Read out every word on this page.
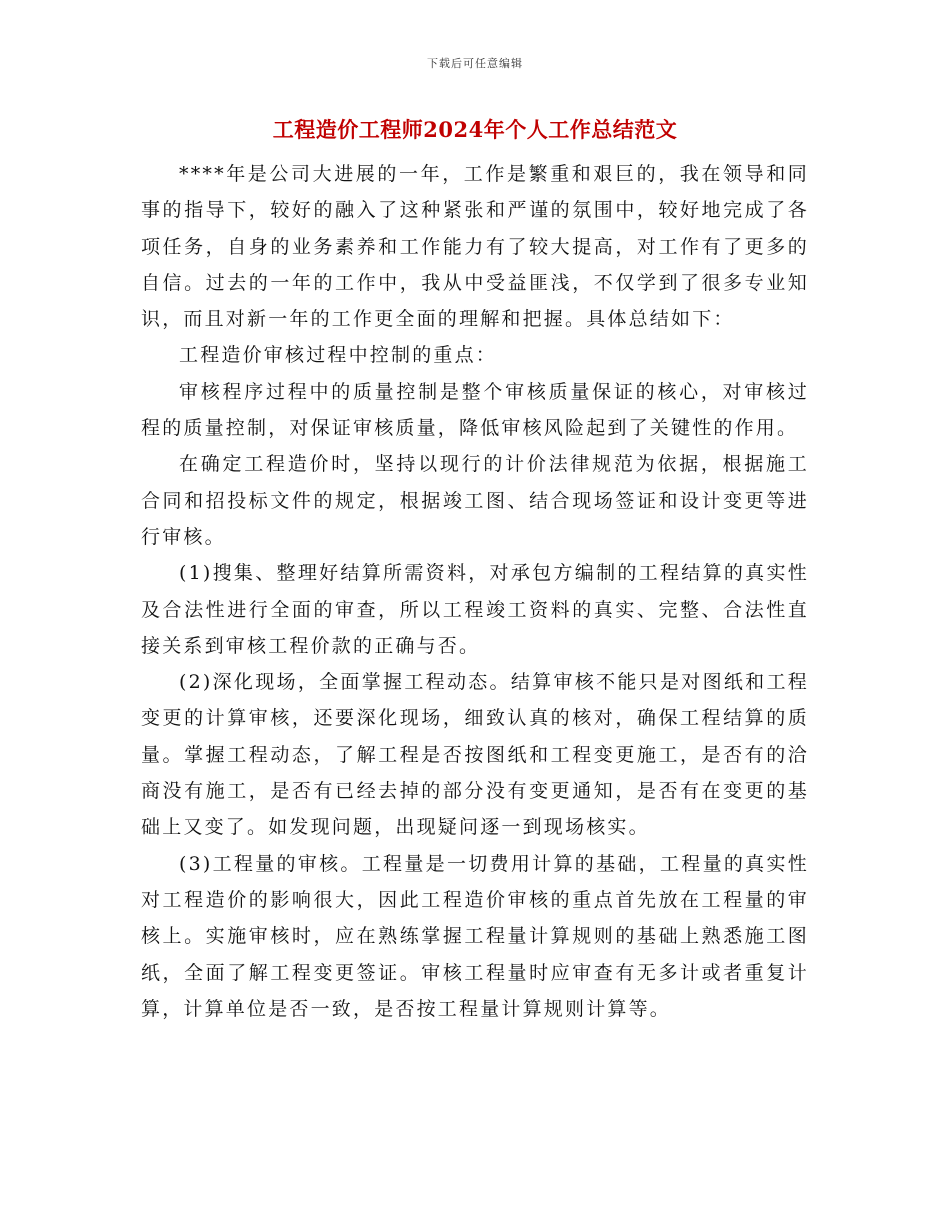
下载后可任意编辑
工程造价工程师2024年个人工作总结范文

****年是公司大进展的一年，工作是繁重和艰巨的，我在领导和同事的指导下，较好的融入了这种紧张和严谨的氛围中，较好地完成了各项任务，自身的业务素养和工作能力有了较大提高，对工作有了更多的自信。过去的一年的工作中，我从中受益匪浅，不仅学到了很多专业知识，而且对新一年的工作更全面的理解和把握。具体总结如下：

工程造价审核过程中控制的重点：

审核程序过程中的质量控制是整个审核质量保证的核心，对审核过程的质量控制，对保证审核质量，降低审核风险起到了关键性的作用。

在确定工程造价时，坚持以现行的计价法律规范为依据，根据施工合同和招投标文件的规定，根据竣工图、结合现场签证和设计变更等进行审核。

(1)搜集、整理好结算所需资料，对承包方编制的工程结算的真实性及合法性进行全面的审查，所以工程竣工资料的真实、完整、合法性直接关系到审核工程价款的正确与否。

(2)深化现场，全面掌握工程动态。结算审核不能只是对图纸和工程变更的计算审核，还要深化现场，细致认真的核对，确保工程结算的质量。掌握工程动态，了解工程是否按图纸和工程变更施工，是否有的洽商没有施工，是否有已经去掉的部分没有变更通知，是否有在变更的基础上又变了。如发现问题，出现疑问逐一到现场核实。

(3)工程量的审核。工程量是一切费用计算的基础，工程量的真实性对工程造价的影响很大，因此工程造价审核的重点首先放在工程量的审核上。实施审核时，应在熟练掌握工程量计算规则的基础上熟悉施工图纸，全面了解工程变更签证。审核工程量时应审查有无多计或者重复计算，计算单位是否一致，是否按工程量计算规则计算等。
